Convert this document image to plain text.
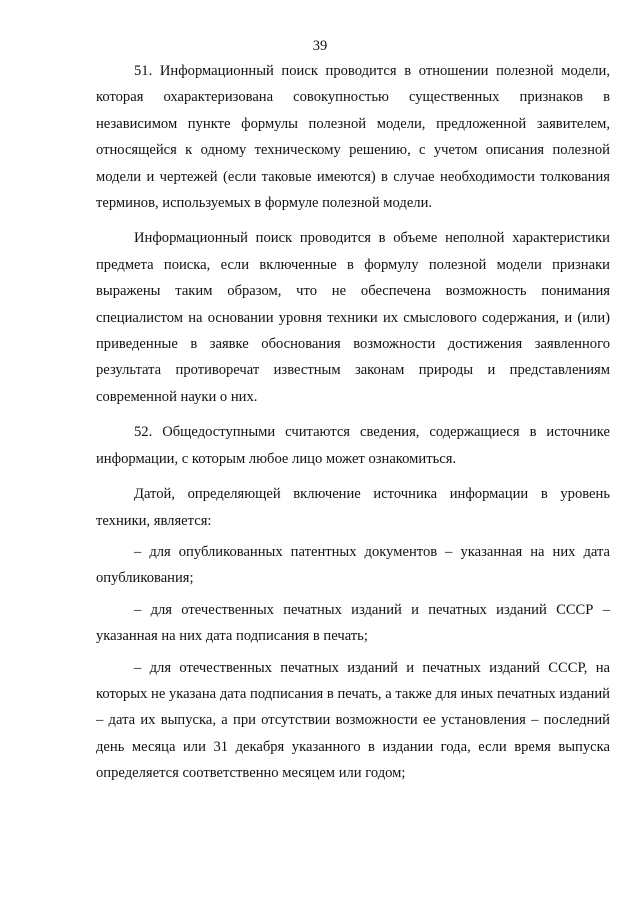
39

51. Информационный поиск проводится в отношении полезной модели, которая охарактеризована совокупностью существенных признаков в независимом пункте формулы полезной модели, предложенной заявителем, относящейся к одному техническому решению, с учетом описания полезной модели и чертежей (если таковые имеются) в случае необходимости толкования терминов, используемых в формуле полезной модели.

Информационный поиск проводится в объеме неполной характеристики предмета поиска, если включенные в формулу полезной модели признаки выражены таким образом, что не обеспечена возможность понимания специалистом на основании уровня техники их смыслового содержания, и (или) приведенные в заявке обоснования возможности достижения заявленного результата противоречат известным законам природы и представлениям современной науки о них.

52. Общедоступными считаются сведения, содержащиеся в источнике информации, с которым любое лицо может ознакомиться.

Датой, определяющей включение источника информации в уровень техники, является:

– для опубликованных патентных документов – указанная на них дата опубликования;

– для отечественных печатных изданий и печатных изданий СССР – указанная на них дата подписания в печать;

– для отечественных печатных изданий и печатных изданий СССР, на которых не указана дата подписания в печать, а также для иных печатных изданий – дата их выпуска, а при отсутствии возможности ее установления – последний день месяца или 31 декабря указанного в издании года, если время выпуска определяется соответственно месяцем или годом;
